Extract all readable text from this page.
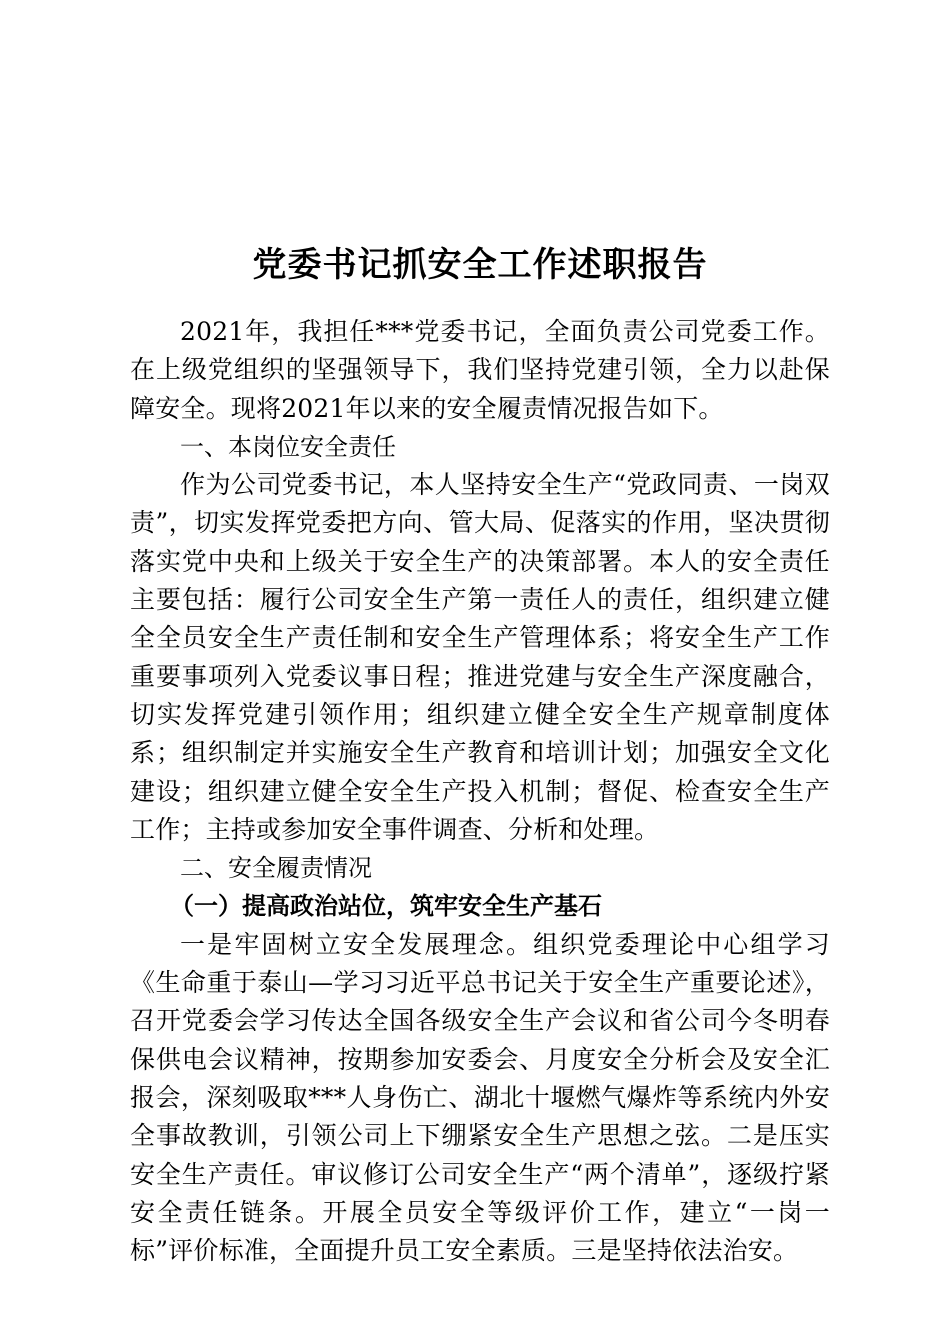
党委书记抓安全工作述职报告

2021年，我担任***党委书记，全面负责公司党委工作。在上级党组织的坚强领导下，我们坚持党建引领，全力以赴保障安全。现将2021年以来的安全履责情况报告如下。

一、本岗位安全责任

作为公司党委书记，本人坚持安全生产“党政同责、一岗双责”，切实发挥党委把方向、管大局、促落实的作用，坚决贯彻落实党中央和上级关于安全生产的决策部署。本人的安全责任主要包括：履行公司安全生产第一责任人的责任，组织建立健全全员安全生产责任制和安全生产管理体系；将安全生产工作重要事项列入党委议事日程；推进党建与安全生产深度融合，切实发挥党建引领作用；组织建立健全安全生产规章制度体系；组织制定并实施安全生产教育和培训计划；加强安全文化建设；组织建立健全安全生产投入机制；督促、检查安全生产工作；主持或参加安全事件调查、分析和处理。

二、安全履责情况

（一）提高政治站位，筑牢安全生产基石

一是牢固树立安全发展理念。组织党委理论中心组学习《生命重于泰山—学习习近平总书记关于安全生产重要论述》，召开党委会学习传达全国各级安全生产会议和省公司今冬明春保供电会议精神，按期参加安委会、月度安全分析会及安全汇报会，深刻吸取***人身伤亡、湖北十堰燃气爆炸等系统内外安全事故教训，引领公司上下绷紧安全生产思想之弦。二是压实安全生产责任。审议修订公司安全生产“两个清单”，逐级拧紧安全责任链条。开展全员安全等级评价工作，建立“一岗一标”评价标准，全面提升员工安全素质。三是坚持依法治安。
